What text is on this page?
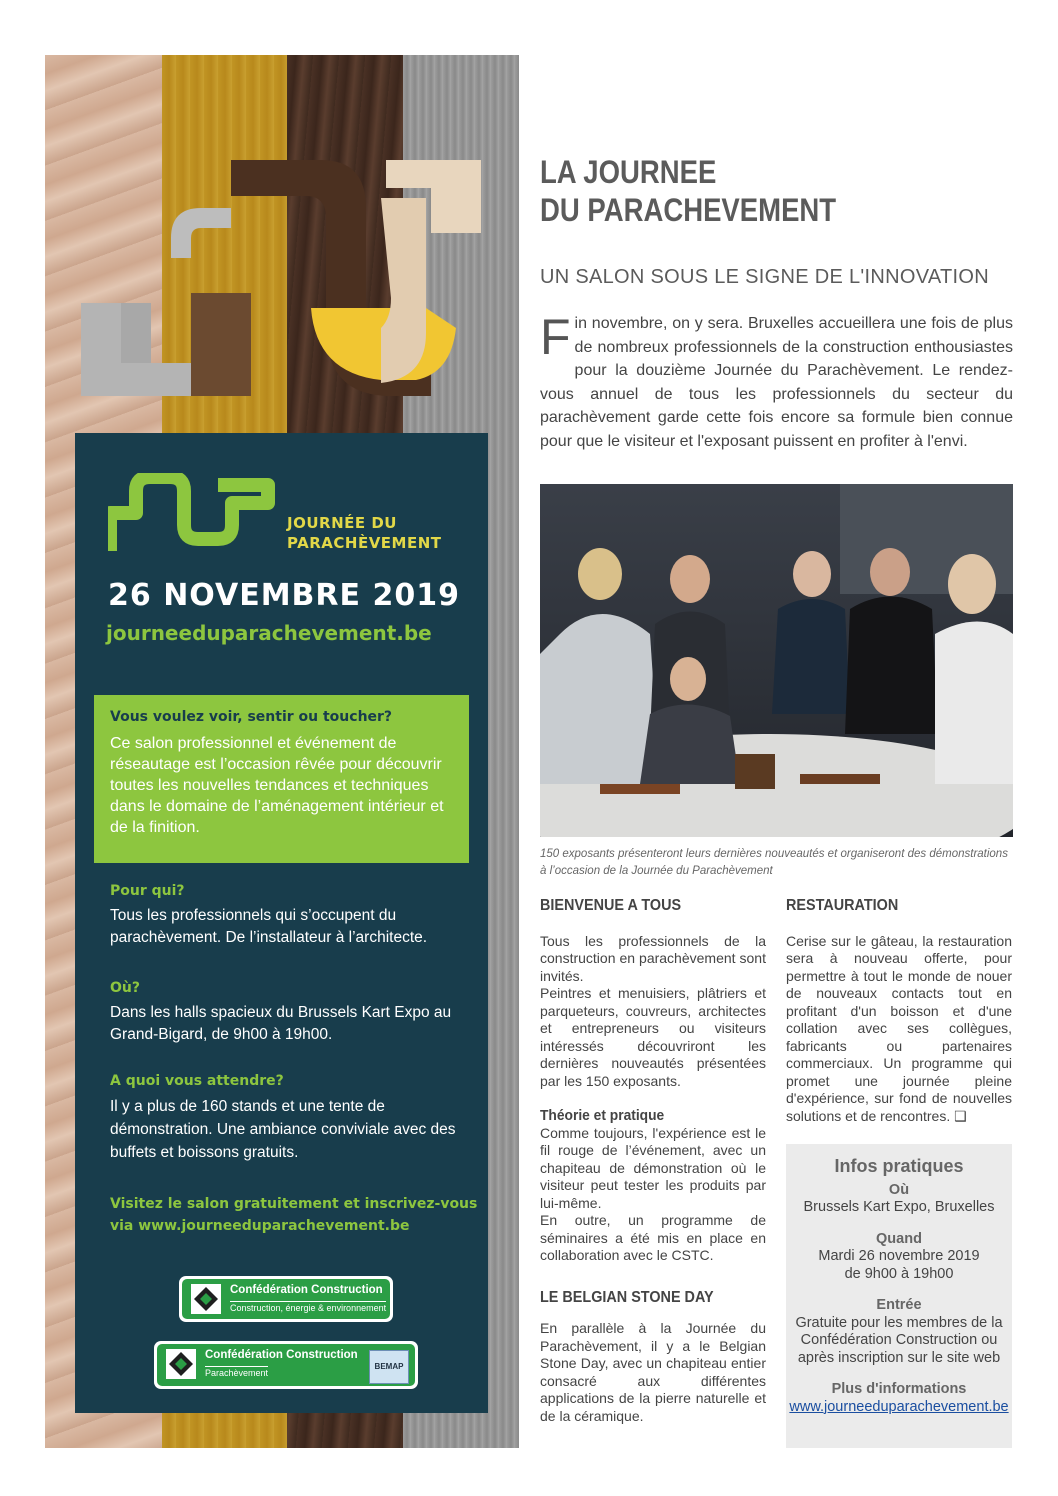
JOURNÉE DU
PARACHÈVEMENT
26 NOVEMBRE 2019
journeeduparachevement.be
Vous voulez voir, sentir ou toucher?
Ce salon professionnel et événement de réseautage est l’occasion rêvée pour découvrir toutes les nouvelles tendances et techniques dans le domaine de l’aménagement intérieur et de la finition.
Pour qui?
Tous les professionnels qui s’occupent du parachèvement. De l’installateur à l’architecte.
Où?
Dans les halls spacieux du Brussels Kart Expo au Grand-Bigard, de 9h00 à 19h00.
A quoi vous attendre?
Il y a plus de 160 stands et une tente de démonstration. Une ambiance conviviale avec des buffets et boissons gratuits.
Visitez le salon gratuitement et inscrivez-vous via www.journeeduparachevement.be
Confédération Construction
Construction, énergie & environnement
Confédération Construction
Parachèvement
BEMAP
LA JOURNEE
DU PARACHEVEMENT
UN SALON SOUS LE SIGNE DE L'INNOVATION
F in novembre, on y sera. Bruxelles accueillera une fois de plus de nombreux professionnels de la construction enthousiastes pour la douzième Journée du Parachèvement. Le rendez-vous annuel de tous les professionnels du secteur du parachèvement garde cette fois encore sa formule bien connue pour que le visiteur et l'exposant puissent en profiter à l'envi.
150 exposants présenteront leurs dernières nouveautés et organiseront des démonstrations à l’occasion de la Journée du Parachèvement
BIENVENUE A TOUS
Tous les professionnels de la construction en parachèvement sont invités.
Peintres et menuisiers, plâtriers et parqueteurs, couvreurs, architectes et entrepreneurs ou visiteurs intéressés découvriront les dernières nouveautés présentées par les 150 exposants.
Théorie et pratique
Comme toujours, l'expérience est le fil rouge de l’événement, avec un chapiteau de démonstration où le visiteur peut tester les produits par lui-même.
En outre, un programme de séminaires a été mis en place en collaboration avec le CSTC.
LE BELGIAN STONE DAY
En parallèle à la Journée du Parachèvement, il y a le Belgian Stone Day, avec un chapiteau entier consacré aux différentes applications de la pierre naturelle et de la céramique.
RESTAURATION
Cerise sur le gâteau, la restauration sera à nouveau offerte, pour permettre à tout le monde de nouer de nouveaux contacts tout en profitant d'un boisson et d'une collation avec ses collègues, fabricants ou partenaires commerciaux. Un programme qui promet une journée pleine d'expérience, sur fond de nouvelles solutions et de rencontres. ❑
Infos pratiques
Où
Brussels Kart Expo, Bruxelles
Quand
Mardi 26 novembre 2019
de 9h00 à 19h00
Entrée
Gratuite pour les membres de la Confédération Construction ou après inscription sur le site web
Plus d'informations
www.journeeduparachevement.be
